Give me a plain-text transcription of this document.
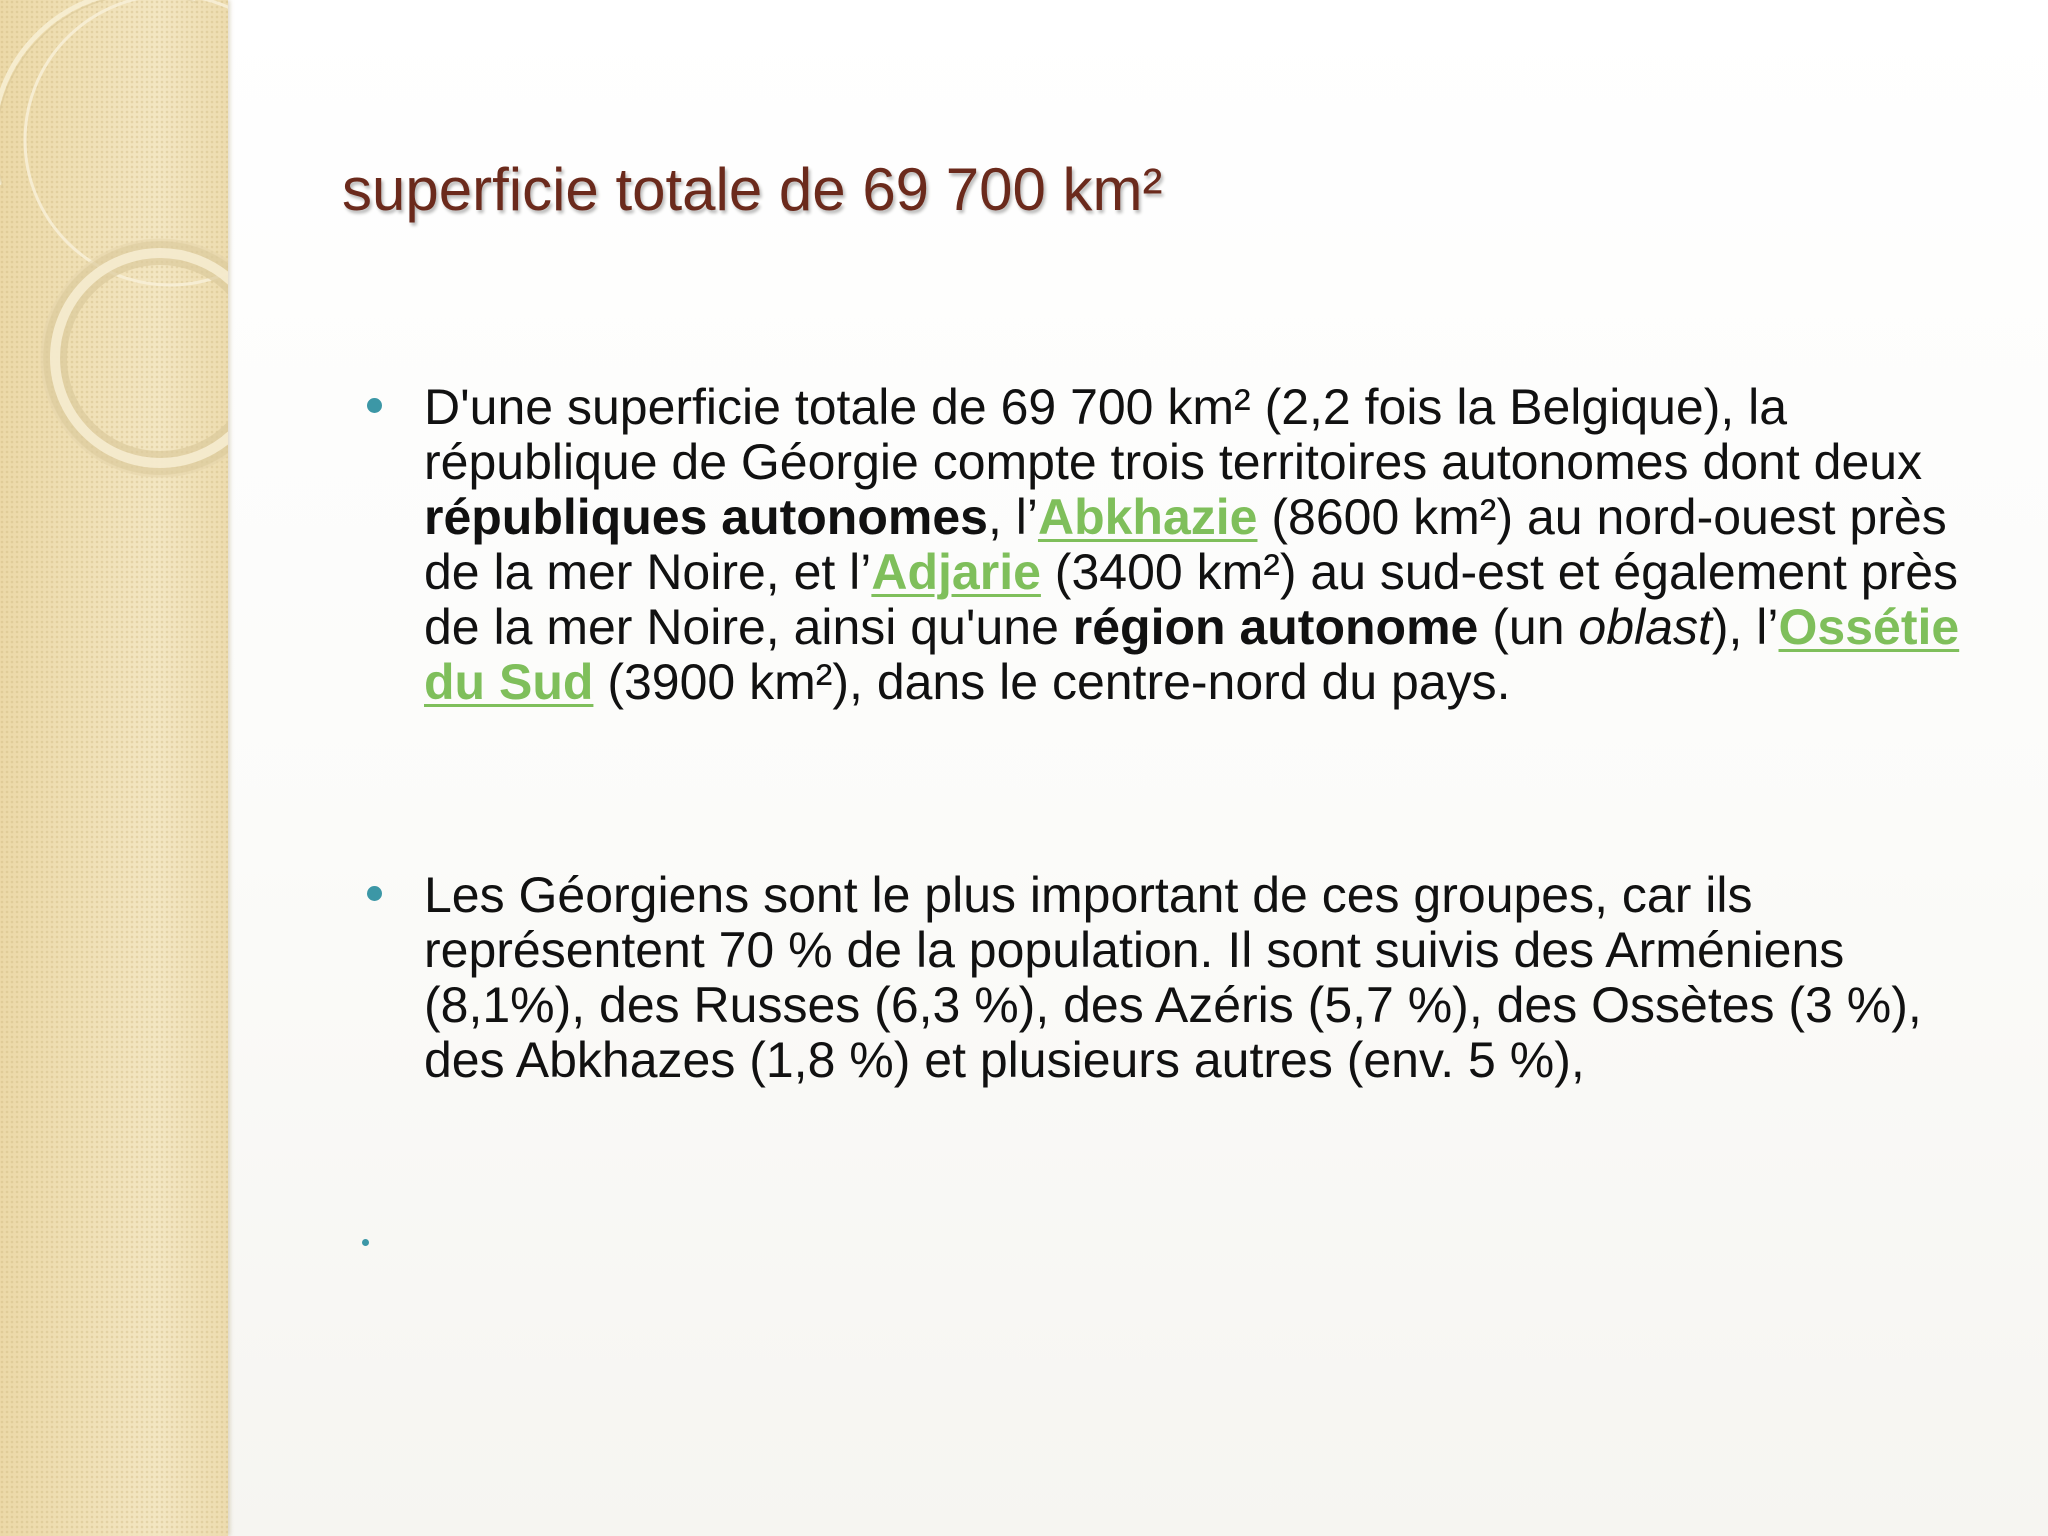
superficie totale de 69 700 km²

D'une superficie totale de 69 700 km² (2,2 fois la Belgique), la république de Géorgie compte trois territoires autonomes dont deux républiques autonomes, l’Abkhazie (8600 km²) au nord-ouest près de la mer Noire, et l’Adjarie (3400 km²) au sud-est et également près de la mer Noire, ainsi qu'une région autonome (un oblast), l’Ossétie du Sud (3900 km²), dans le centre-nord du pays.

Les Géorgiens sont le plus important de ces groupes, car ils représentent 70 % de la population. Il sont suivis des Arméniens (8,1%), des Russes (6,3 %), des Azéris (5,7 %), des Ossètes (3 %), des Abkhazes (1,8 %) et plusieurs autres (env. 5 %),
